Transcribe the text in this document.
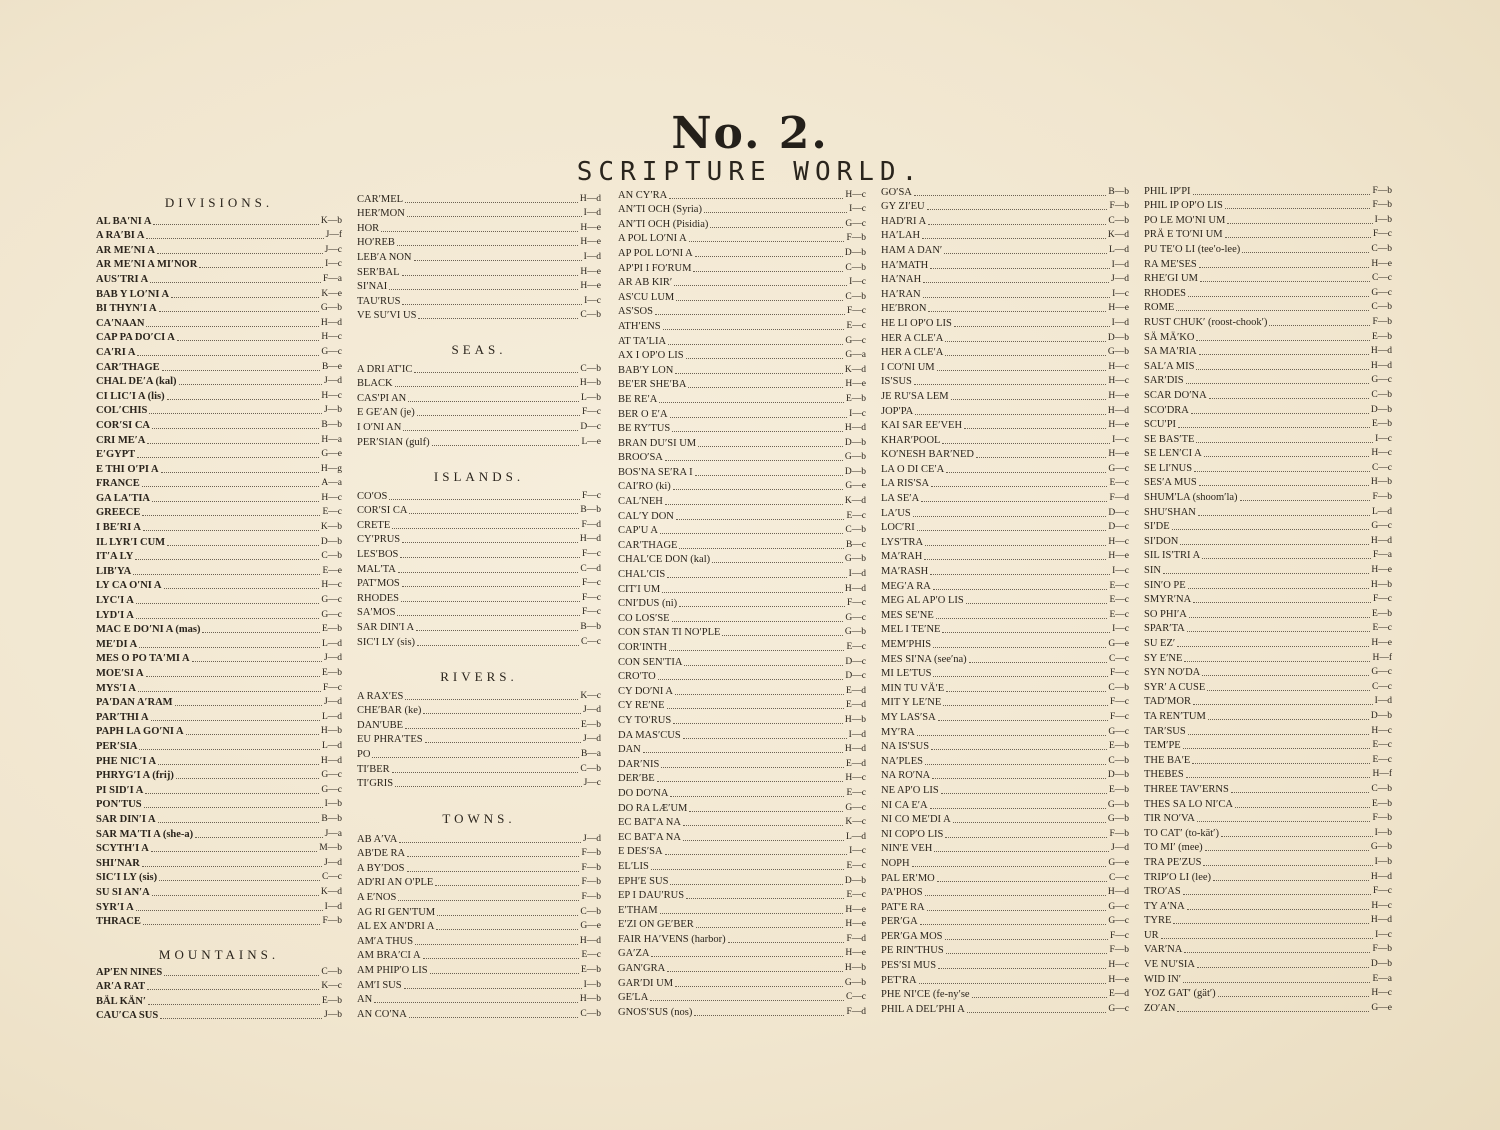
No. 2.
SCRIPTURE WORLD.
DIVISIONS.
AL BA′NI A	K—b
A RA′BI A	J—f
AR ME′NI A	J—c
AR ME′NI A MI′NOR	I—c
AUS′TRI A	F—a
BAB Y LO′NI A	K—e
BI THYN′I A	G—b
CA′NAAN	H—d
CAP PA DO′CI A	H—c
CA′RI A	G—c
CAR′THAGE	B—e
CHAL DE′A (kal)	J—d
CI LIC′I A (lis)	H—c
COL′CHIS	J—b
COR′SI CA	B—b
CRI ME′A	H—a
E′GYPT	G—e
E THI O′PI A	H—g
FRANCE	A—a
GA LA′TIA	H—c
GREECE	E—c
I BE′RI A	K—b
IL LYR′I CUM	D—b
IT′A LY	C—b
LIB′YA	E—e
LY CA O′NI A	H—c
LYC′I A	G—c
LYD′I A	G—c
MAC E DO′NI A (mas)	E—b
ME′DI A	L—d
MES O PO TA′MI A	J—d
MOE′SI A	E—b
MYS′I A	F—c
PA′DAN A′RAM	J—d
PAR′THI A	L—d
PAPH LA GO′NI A	H—b
PER′SIA	L—d
PHE NIC′I A	H—d
PHRYG′I A (frij)	G—c
PI SID′I A	G—c
PON′TUS	I—b
SAR DIN′I A	B—b
SAR MA′TI A (she-a)	J—a
SCYTH′I A	M—b
SHI′NAR	J—d
SIC′I LY (sis)	C—c
SU SI AN′A	K—d
SYR′I A	I—d
THRACE	F—b
MOUNTAINS.
AP′EN NINES	C—b
AR′A RAT	K—c
BÄL KÄN′	E—b
CAU′CA SUS	J—b
CAR′MEL	H—d
HER′MON	I—d
HOR	H—e
HO′REB	H—e
LEB′A NON	I—d
SER′BAL	H—e
SI′NAI	H—e
TAU′RUS	I—c
VE SU′VI US	C—b
SEAS.
A DRI AT′IC	C—b
BLACK	H—b
CAS′PI AN	L—b
E GE′AN (je)	F—c
I O′NI AN	D—c
PER′SIAN (gulf)	L—e
ISLANDS.
CO′OS	F—c
COR′SI CA	B—b
CRETE	F—d
CY′PRUS	H—d
LES′BOS	F—c
MAL′TA	C—d
PAT′MOS	F—c
RHODES	F—c
SA′MOS	F—c
SAR DIN′I A	B—b
SIC′I LY (sis)	C—c
RIVERS.
A RAX′ES	K—c
CHE′BAR (ke)	J—d
DAN′UBE	E—b
EU PHRA′TES	J—d
PO	B—a
TI′BER	C—b
TI′GRIS	J—c
TOWNS.
AB A′VA	J—d
AB′DE RA	F—b
A BY′DOS	F—b
AD′RI AN O′PLE	F—b
A E′NOS	F—b
AG RI GEN′TUM	C—b
AL EX AN′DRI A	G—e
AM′A THUS	H—d
AM BRA′CI A	E—c
AM PHIP′O LIS	E—b
AM′I SUS	I—b
AN	H—b
AN CO′NA	C—b
AN CY′RA	H—c
AN′TI OCH (Syria)	I—c
AN′TI OCH (Pisidia)	G—c
A POL LO′NI A	F—b
AP POL LO′NI A	D—b
AP′PI I FO′RUM	C—b
AR AB KIR′	I—c
AS′CU LUM	C—b
AS′SOS	F—c
ATH′ENS	E—c
AT TA′LIA	G—c
AX I OP′O LIS	G—a
BAB′Y LON	K—d
BE′ER SHE′BA	H—e
BE RE′A	E—b
BER O E′A	I—c
BE RY′TUS	H—d
BRAN DU′SI UM	D—b
BROO′SA	G—b
BOS′NA SE′RA I	D—b
CAI′RO (ki)	G—e
CAL′NEH	K—d
CAL′Y DON	E—c
CAP′U A	C—b
CAR′THAGE	B—c
CHAL′CE DON (kal)	G—b
CHAL′CIS	I—d
CIT′I UM	H—d
CNI′DUS (ni)	F—c
CO LOS′SE	G—c
CON STAN TI NO′PLE	G—b
COR′INTH	E—c
CON SEN′TIA	D—c
CRO′TO	D—c
CY DO′NI A	E—d
CY RE′NE	E—d
CY TO′RUS	H—b
DA MAS′CUS	I—d
DAN	H—d
DAR′NIS	E—d
DER′BE	H—c
DO DO′NA	E—c
DO RA LÆ′UM	G—c
EC BAT′A NA	K—c
EC BAT′A NA	L—d
E DES′SA	I—c
EL′LIS	E—c
EPH′E SUS	D—b
EP I DAU′RUS	E—c
E′THAM	H—e
E′ZI ON GE′BER	H—e
FAIR HA′VENS (harbor)	F—d
GA′ZA	H—e
GAN′GRA	H—b
GAR′DI UM	G—b
GE′LA	C—c
GNOS′SUS (nos)	F—d
GO′SA	B—b
GY ZI′EU	F—b
HAD′RI A	C—b
HA′LAH	K—d
HAM A DAN′	L—d
HA′MATH	I—d
HA′NAH	J—d
HA′RAN	I—c
HE′BRON	H—e
HE LI OP′O LIS	I—d
HER A CLE′A	D—b
HER A CLE′A	G—b
I CO′NI UM	H—c
IS′SUS	H—c
JE RU′SA LEM	H—e
JOP′PA	H—d
KAI SAR EE′VEH	H—e
KHAR′POOL	I—c
KO′NESH BAR′NED	H—e
LA O DI CE′A	G—c
LA RIS′SA	E—c
LA SE′A	F—d
LA′US	D—c
LOC′RI	D—c
LYS′TRA	H—c
MA′RAH	H—e
MA′RASH	I—c
MEG′A RA	E—c
MEG AL AP′O LIS	E—c
MES SE′NE	E—c
MEL I TE′NE	I—c
MEM′PHIS	G—e
MES SI′NA (see′na)	C—c
MI LE′TUS	F—c
MIN TU VÄ′E	C—b
MIT Y LE′NE	F—c
MY LAS′SA	F—c
MY′RA	G—c
NA IS′SUS	E—b
NA′PLES	C—b
NA RO′NA	D—b
NE AP′O LIS	E—b
NI CA E′A	G—b
NI CO ME′DI A	G—b
NI COP′O LIS	F—b
NIN′E VEH	J—d
NOPH	G—e
PAL ER′MO	C—c
PA′PHOS	H—d
PAT′E RA	G—c
PER′GA	G—c
PER′GA MOS	F—c
PE RIN′THUS	F—b
PES′SI MUS	H—c
PET′RA	H—e
PHE NI′CE (fe-ny′se	E—d
PHIL A DEL′PHI A	G—c
PHIL IP′PI	F—b
PHIL IP OP′O LIS	F—b
PO LE MO′NI UM	I—b
PRÄ E TO′NI UM	F—c
PU TE′O LI (tee′o-lee)	C—b
RA ME′SES	H—e
RHE′GI UM	C—c
RHODES	G—c
ROME	C—b
RUST CHUK′ (roost-chook′)	F—b
SÄ MÄ′KO	E—b
SA MA′RIA	H—d
SAL′A MIS	H—d
SAR′DIS	G—c
SCAR DO′NA	C—b
SCO′DRA	D—b
SCU′PI	E—b
SE BAS′TE	I—c
SE LEN′CI A	H—c
SE LI′NUS	C—c
SES′A MUS	H—b
SHUM′LA (shoom′la)	F—b
SHU′SHAN	L—d
SI′DE	G—c
SI′DON	H—d
SIL IS′TRI A	F—a
SIN	H—e
SIN′O PE	H—b
SMYR′NA	F—c
SO PHI′A	E—b
SPAR′TA	E—c
SU EZ′	H—e
SY E′NE	H—f
SYN NO′DA	G—c
SYR′ A CUSE	C—c
TAD′MOR	I—d
TA REN′TUM	D—b
TAR′SUS	H—c
TEM′PE	E—c
THE BA′E	E—c
THEBES	H—f
THREE TAV′ERNS	C—b
THES SA LO NI′CA	E—b
TIR NO′VA	F—b
TO CAT′ (to-kät′)	I—b
TO MI′ (mee)	G—b
TRA PE′ZUS	I—b
TRIP′O LI (lee)	H—d
TRO′AS	F—c
TY A′NA	H—c
TYRE	H—d
UR	I—c
VAR′NA	F—b
VE NU′SIA	D—b
WID IN′	E—a
YOZ GAT′ (gät′)	H—c
ZO′AN	G—e
